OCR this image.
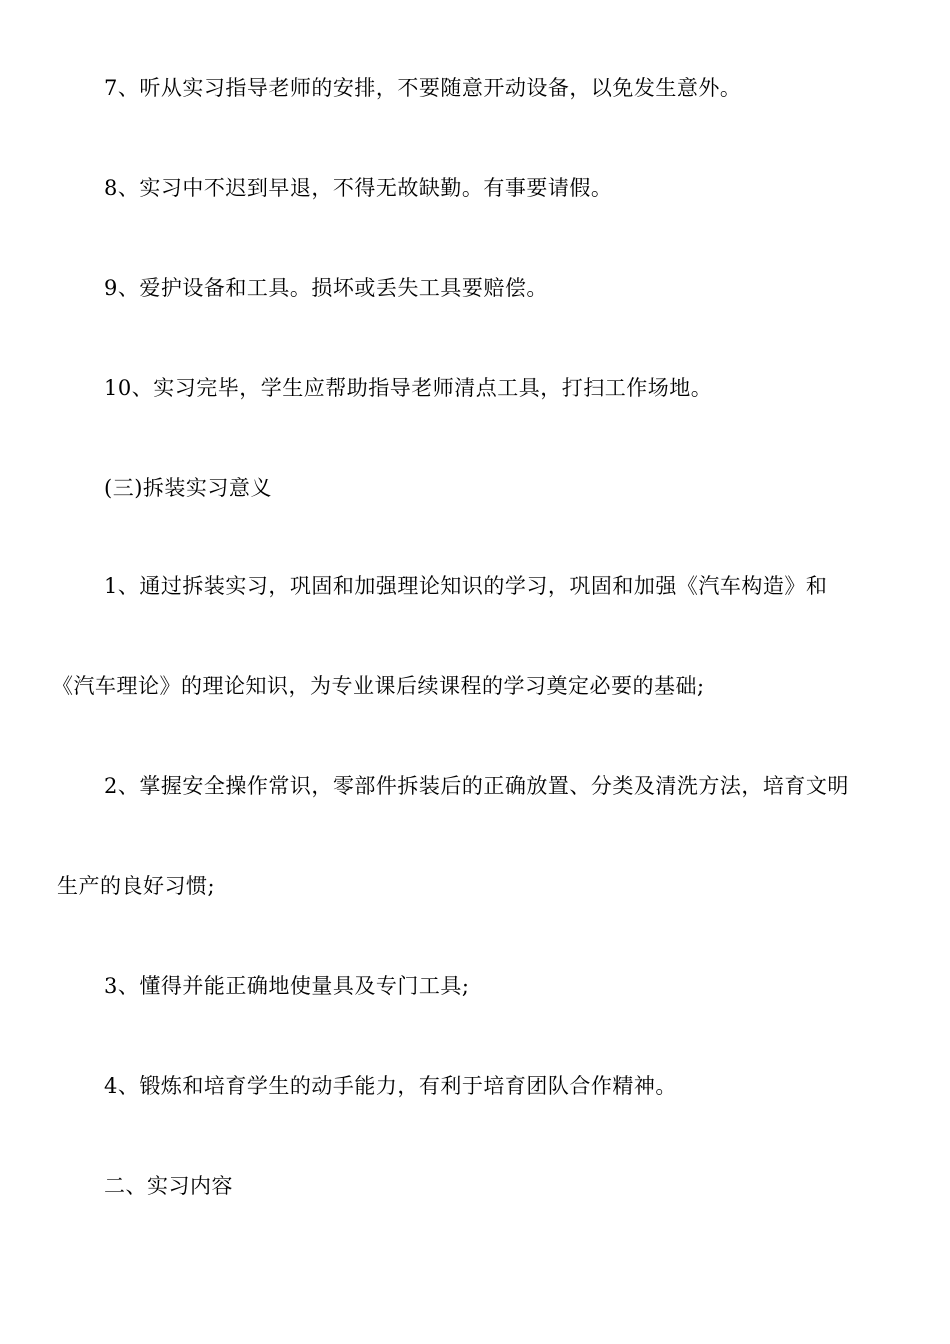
7、听从实习指导老师的安排，不要随意开动设备，以免发生意外。

8、实习中不迟到早退，不得无故缺勤。有事要请假。

9、爱护设备和工具。损坏或丢失工具要赔偿。

10、实习完毕，学生应帮助指导老师清点工具，打扫工作场地。

(三)拆装实习意义

1、通过拆装实习，巩固和加强理论知识的学习，巩固和加强《汽车构造》和

《汽车理论》的理论知识，为专业课后续课程的学习奠定必要的基础;

2、掌握安全操作常识，零部件拆装后的正确放置、分类及清洗方法，培育文明

生产的良好习惯;

3、懂得并能正确地使量具及专门工具;

4、锻炼和培育学生的动手能力，有利于培育团队合作精神。

二、实习内容
